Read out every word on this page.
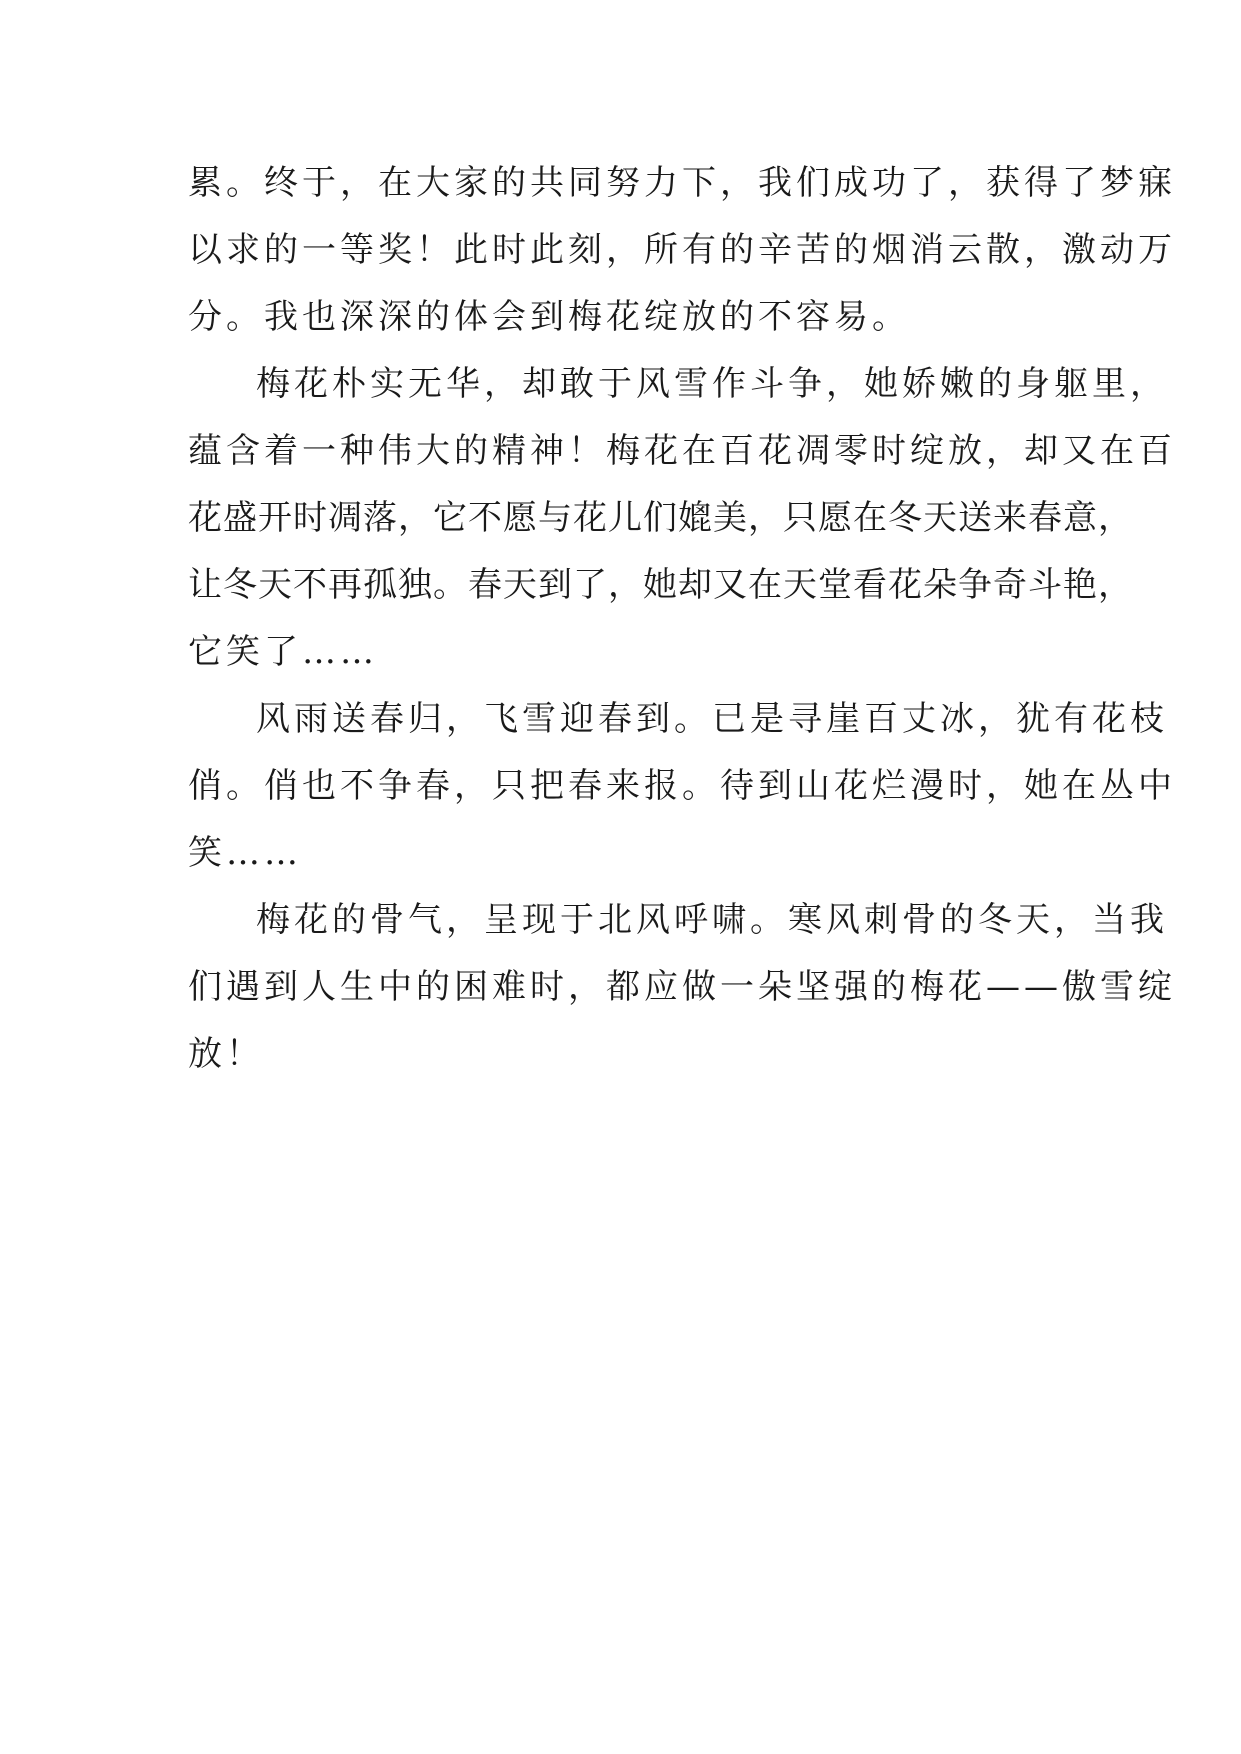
累。终于，在大家的共同努力下，我们成功了，获得了梦寐
以求的一等奖！此时此刻，所有的辛苦的烟消云散，激动万
分。我也深深的体会到梅花绽放的不容易。
梅花朴实无华，却敢于风雪作斗争，她娇嫩的身躯里，
蕴含着一种伟大的精神！梅花在百花凋零时绽放，却又在百
花盛开时凋落，它不愿与花儿们媲美，只愿在冬天送来春意，
让冬天不再孤独。春天到了，她却又在天堂看花朵争奇斗艳，
它笑了……
风雨送春归，飞雪迎春到。已是寻崖百丈冰，犹有花枝
俏。俏也不争春，只把春来报。待到山花烂漫时，她在丛中
笑……
梅花的骨气，呈现于北风呼啸。寒风刺骨的冬天，当我
们遇到人生中的困难时，都应做一朵坚强的梅花——傲雪绽
放！
